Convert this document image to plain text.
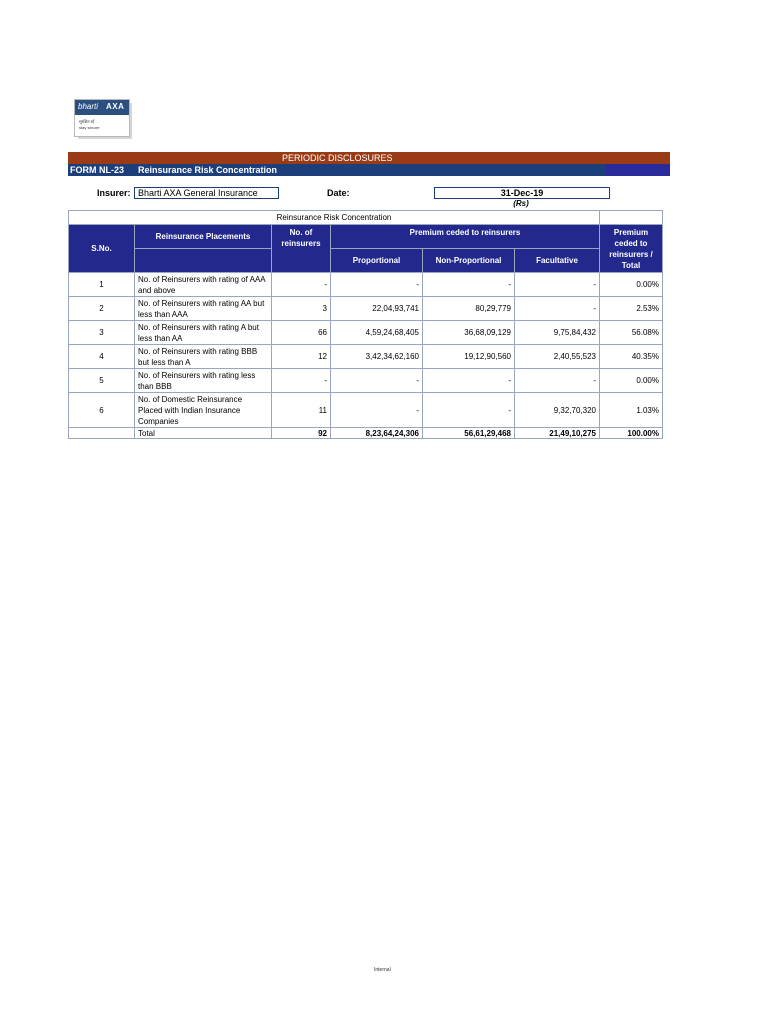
bharti AXA
सुरक्षित रहें
stay secure
PERIODIC DISCLOSURES
FORM NL-23 Reinsurance Risk Concentration
Insurer: Bharti AXA General Insurance	Date:	31-Dec-19
(Rs)
Reinsurance Risk Concentration						
S.No.	Reinsurance Placements	No. of reinsurers	Premium ceded to reinsurers			Premium ceded to reinsurers / Total
			Proportional	Non-Proportional	Facultative	
1	No. of Reinsurers with rating of AAA and above	-	-	-	-	0.00%
2	No. of Reinsurers with rating AA but less than AAA	3	22,04,93,741	80,29,779	-	2.53%
3	No. of Reinsurers with rating A but less than AA	66	4,59,24,68,405	36,68,09,129	9,75,84,432	56.08%
4	No. of Reinsurers with rating BBB but less than A	12	3,42,34,62,160	19,12,90,560	2,40,55,523	40.35%
5	No. of Reinsurers with rating less than BBB	-	-	-	-	0.00%
6	No. of Domestic Reinsurance Placed with Indian Insurance Companies	11	-	-	9,32,70,320	1.03%
	Total	92	8,23,64,24,306	56,61,29,468	21,49,10,275	100.00%
Internal
